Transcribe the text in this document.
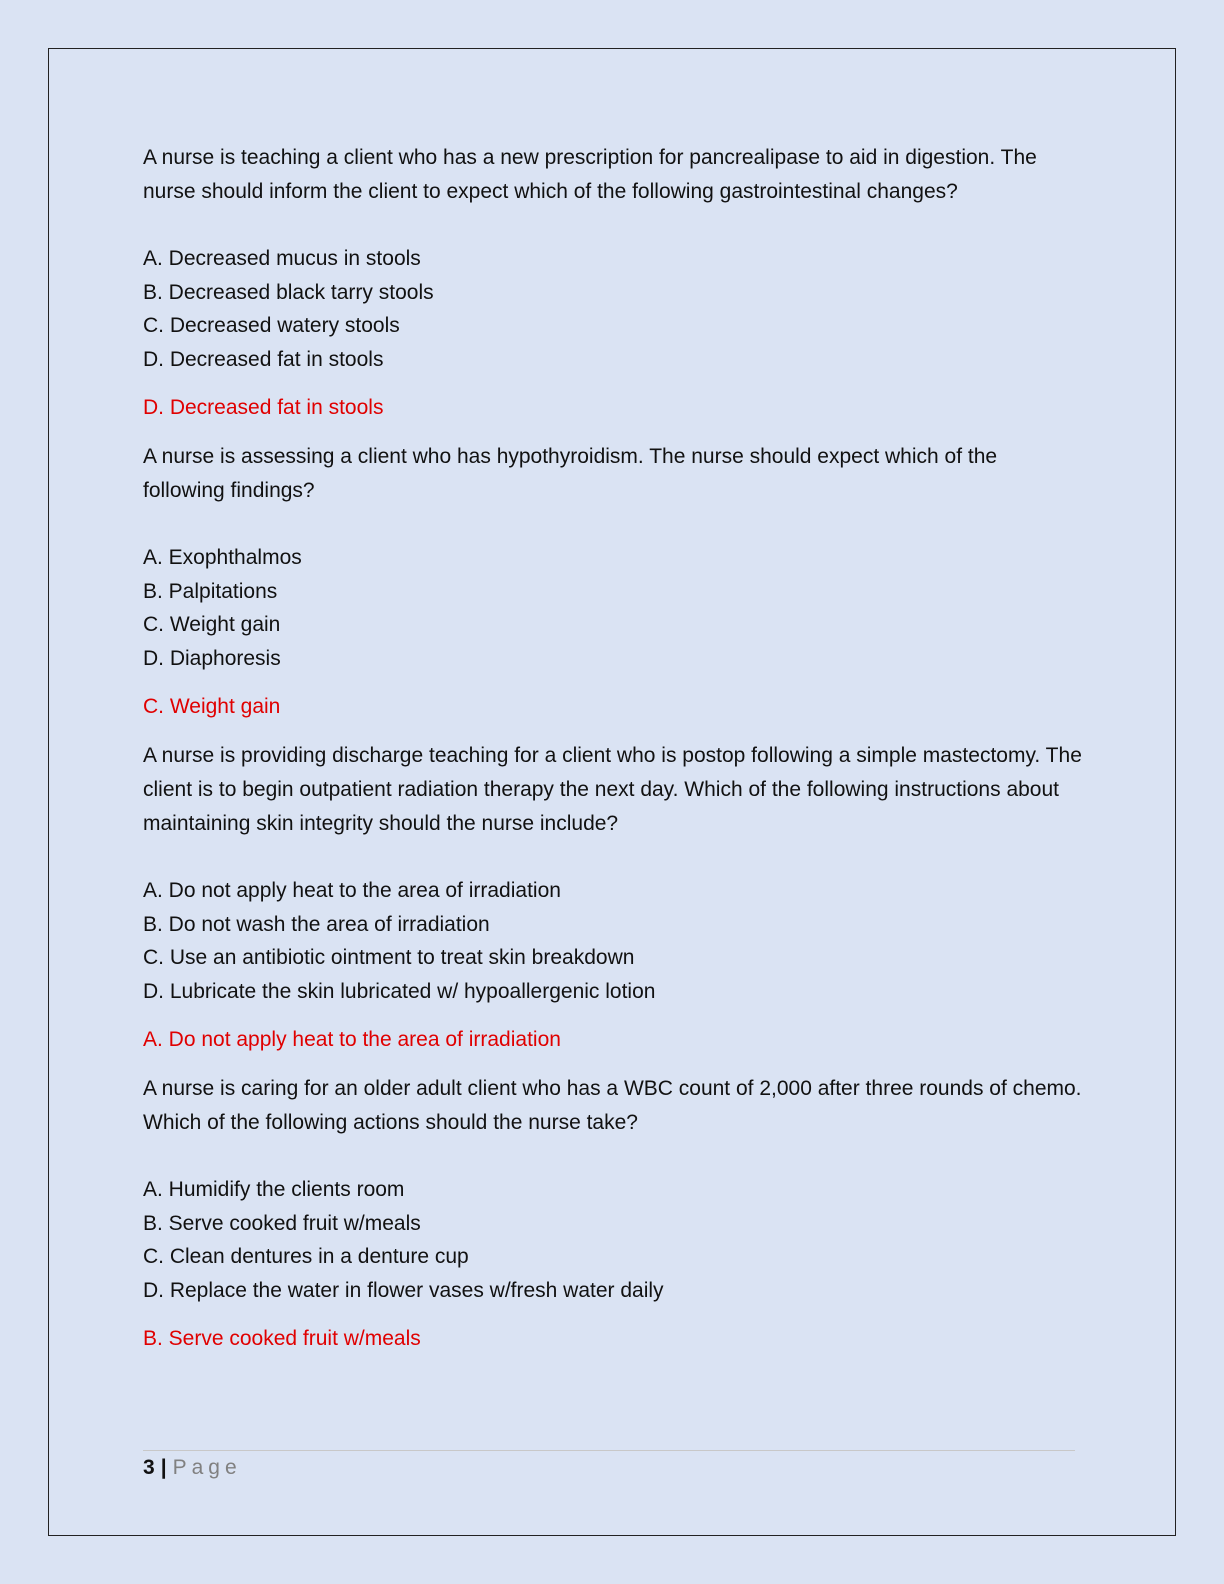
A nurse is teaching a client who has a new prescription for pancrealipase to aid in digestion. The nurse should inform the client to expect which of the following gastrointestinal changes?

A. Decreased mucus in stools
B. Decreased black tarry stools
C. Decreased watery stools
D. Decreased fat in stools

D. Decreased fat in stools

A nurse is assessing a client who has hypothyroidism. The nurse should expect which of the following findings?

A. Exophthalmos
B. Palpitations
C. Weight gain
D. Diaphoresis

C. Weight gain

A nurse is providing discharge teaching for a client who is postop following a simple mastectomy. The client is to begin outpatient radiation therapy the next day. Which of the following instructions about maintaining skin integrity should the nurse include?

A. Do not apply heat to the area of irradiation
B. Do not wash the area of irradiation
C. Use an antibiotic ointment to treat skin breakdown
D. Lubricate the skin lubricated w/ hypoallergenic lotion

A. Do not apply heat to the area of irradiation

A nurse is caring for an older adult client who has a WBC count of 2,000 after three rounds of chemo. Which of the following actions should the nurse take?

A. Humidify the clients room
B. Serve cooked fruit w/meals
C. Clean dentures in a denture cup
D. Replace the water in flower vases w/fresh water daily

B. Serve cooked fruit w/meals

3 | Page
